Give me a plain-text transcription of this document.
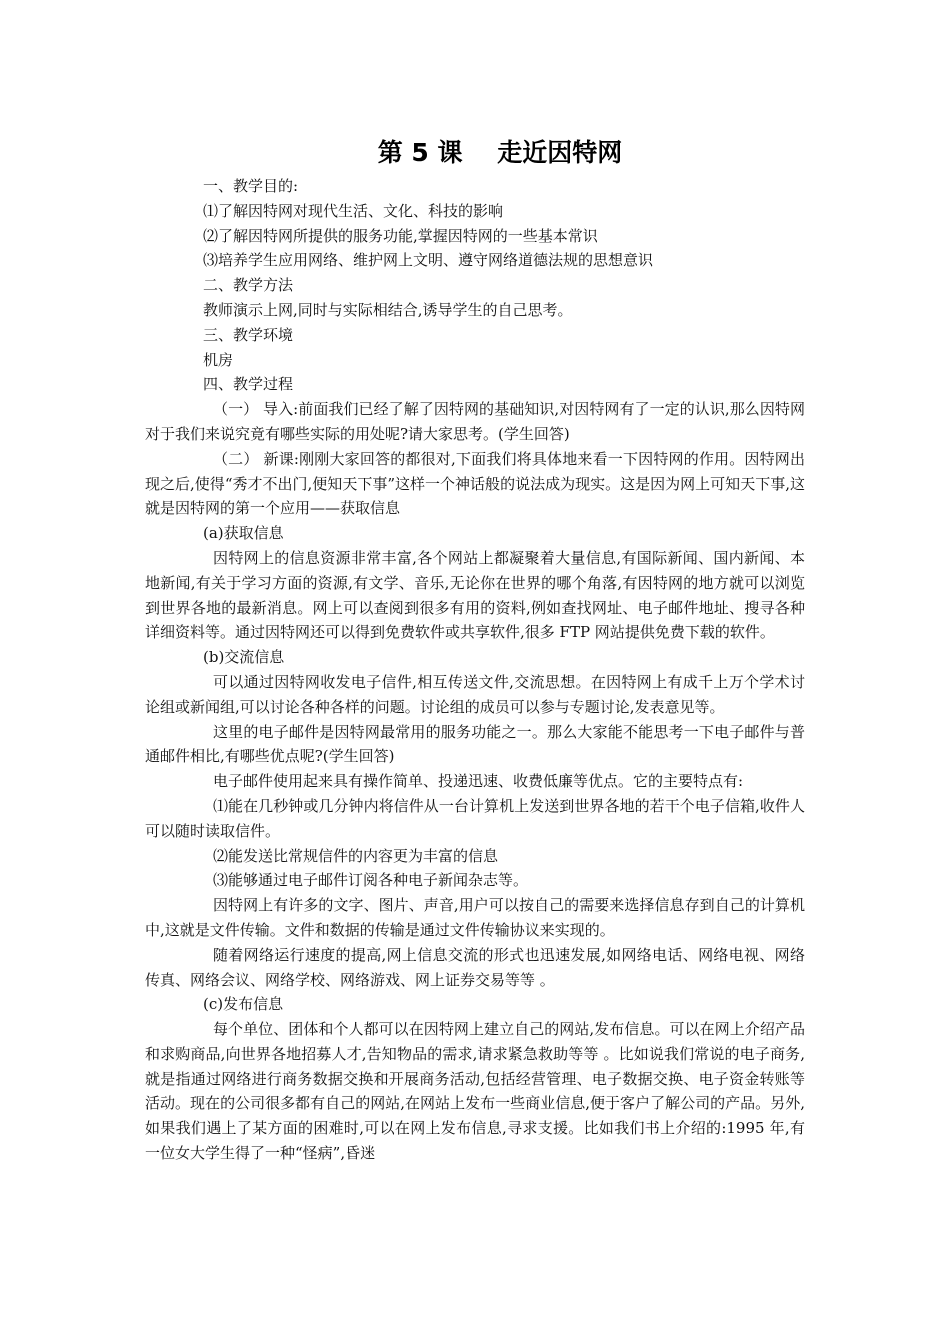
第 5 课    走近因特网

一、教学目的:

⑴了解因特网对现代生活、文化、科技的影响

⑵了解因特网所提供的服务功能,掌握因特网的一些基本常识

⑶培养学生应用网络、维护网上文明、遵守网络道德法规的思想意识

二、教学方法

教师演示上网,同时与实际相结合,诱导学生的自己思考。

三、教学环境

机房

四、教学过程

（一） 导入:前面我们已经了解了因特网的基础知识,对因特网有了一定的认识,那么因特网对于我们来说究竟有哪些实际的用处呢?请大家思考。(学生回答)

（二） 新课:刚刚大家回答的都很对,下面我们将具体地来看一下因特网的作用。因特网出现之后,使得“秀才不出门,便知天下事”这样一个神话般的说法成为现实。这是因为网上可知天下事,这就是因特网的第一个应用——获取信息

(a)获取信息

因特网上的信息资源非常丰富,各个网站上都凝聚着大量信息,有国际新闻、国内新闻、本地新闻,有关于学习方面的资源,有文学、音乐,无论你在世界的哪个角落,有因特网的地方就可以浏览到世界各地的最新消息。网上可以查阅到很多有用的资料,例如查找网址、电子邮件地址、搜寻各种详细资料等。通过因特网还可以得到免费软件或共享软件,很多 FTP 网站提供免费下载的软件。

(b)交流信息

可以通过因特网收发电子信件,相互传送文件,交流思想。在因特网上有成千上万个学术讨论组或新闻组,可以讨论各种各样的问题。讨论组的成员可以参与专题讨论,发表意见等。

这里的电子邮件是因特网最常用的服务功能之一。那么大家能不能思考一下电子邮件与普通邮件相比,有哪些优点呢?(学生回答)

电子邮件使用起来具有操作简单、投递迅速、收费低廉等优点。它的主要特点有:

⑴能在几秒钟或几分钟内将信件从一台计算机上发送到世界各地的若干个电子信箱,收件人可以随时读取信件。

⑵能发送比常规信件的内容更为丰富的信息

⑶能够通过电子邮件订阅各种电子新闻杂志等。

因特网上有许多的文字、图片、声音,用户可以按自己的需要来选择信息存到自己的计算机中,这就是文件传输。文件和数据的传输是通过文件传输协议来实现的。

随着网络运行速度的提高,网上信息交流的形式也迅速发展,如网络电话、网络电视、网络传真、网络会议、网络学校、网络游戏、网上证券交易等等 。

(c)发布信息

每个单位、团体和个人都可以在因特网上建立自己的网站,发布信息。可以在网上介绍产品和求购商品,向世界各地招募人才,告知物品的需求,请求紧急救助等等 。比如说我们常说的电子商务,就是指通过网络进行商务数据交换和开展商务活动,包括经营管理、电子数据交换、电子资金转账等活动。现在的公司很多都有自己的网站,在网站上发布一些商业信息,便于客户了解公司的产品。另外,如果我们遇上了某方面的困难时,可以在网上发布信息,寻求支援。比如我们书上介绍的:1995 年,有一位女大学生得了一种“怪病”,昏迷
